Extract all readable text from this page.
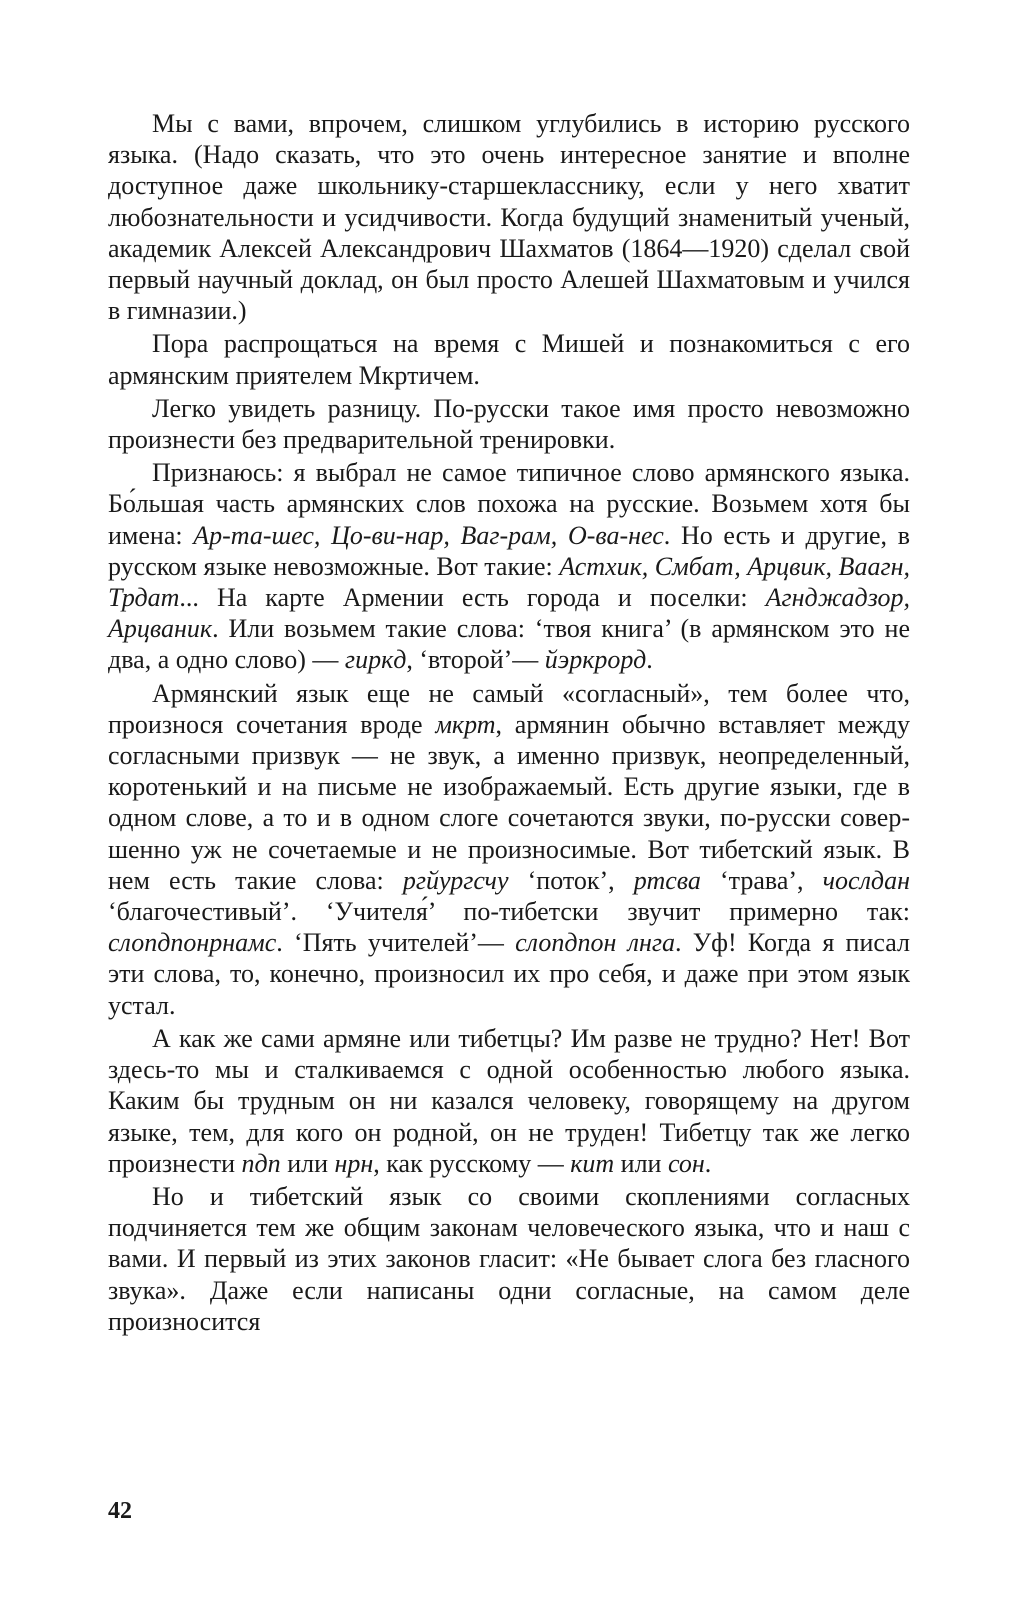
Мы с вами, впрочем, слишком углубились в историю русского языка. (Надо сказать, что это очень интересное занятие и вполне доступное даже школьнику-старшекласснику, если у него хватит любознательности и усидчивости. Когда будущий знаменитый ученый, академик Алексей Александрович Шахматов (1864—1920) сделал свой первый научный доклад, он был просто Алешей Шахматовым и учился в гимназии.)

Пора распрощаться на время с Мишей и познакомиться с его армянским приятелем Мкртичем.

Легко увидеть разницу. По-русски такое имя просто невозможно произнести без предварительной тренировки.

Признаюсь: я выбрал не самое типичное слово армянского языка. Бо́льшая часть армянских слов похожа на русские. Возьмем хотя бы имена: Ар-та-шес, Цо-ви-нар, Ваг-рам, О-ва-нес. Но есть и другие, в русском языке невозможные. Вот такие: Астхик, Смбат, Арцвик, Ваагн, Трдат... На карте Армении есть города и поселки: Агнджадзор, Арцваник. Или возьмем такие слова: ‘твоя книга’ (в армянском это не два, а одно слово) — гиркд, ‘второй’— йэркрорд.

Армянский язык еще не самый «согласный», тем более что, произнося сочетания вроде мкрт, армянин обычно вставляет между согласными призвук — не звук, а именно призвук, неопределенный, коротенький и на письме не изображаемый. Есть другие языки, где в одном слове, а то и в одном слоге сочетаются звуки, по-русски совершенно уж не сочетаемые и не произносимые. Вот тибетский язык. В нем есть такие слова: ргйургсчу ‘поток’, ртсва ‘трава’, чослдан ‘благочестивый’. ‘Учителя́’ по-тибетски звучит примерно так: слопдпонрнамс. ‘Пять учителей’— слопдпон лнга. Уф! Когда я писал эти слова, то, конечно, произносил их про себя, и даже при этом язык устал.

А как же сами армяне или тибетцы? Им разве не трудно? Нет! Вот здесь-то мы и сталкиваемся с одной особенностью любого языка. Каким бы трудным он ни казался человеку, говорящему на другом языке, тем, для кого он родной, он не труден! Тибетцу так же легко произнести пдп или нрн, как русскому — кит или сон.

Но и тибетский язык со своими скоплениями согласных подчиняется тем же общим законам человеческого языка, что и наш с вами. И первый из этих законов гласит: «Не бывает слога без гласного звука». Даже если написаны одни согласные, на самом деле произносится

42
